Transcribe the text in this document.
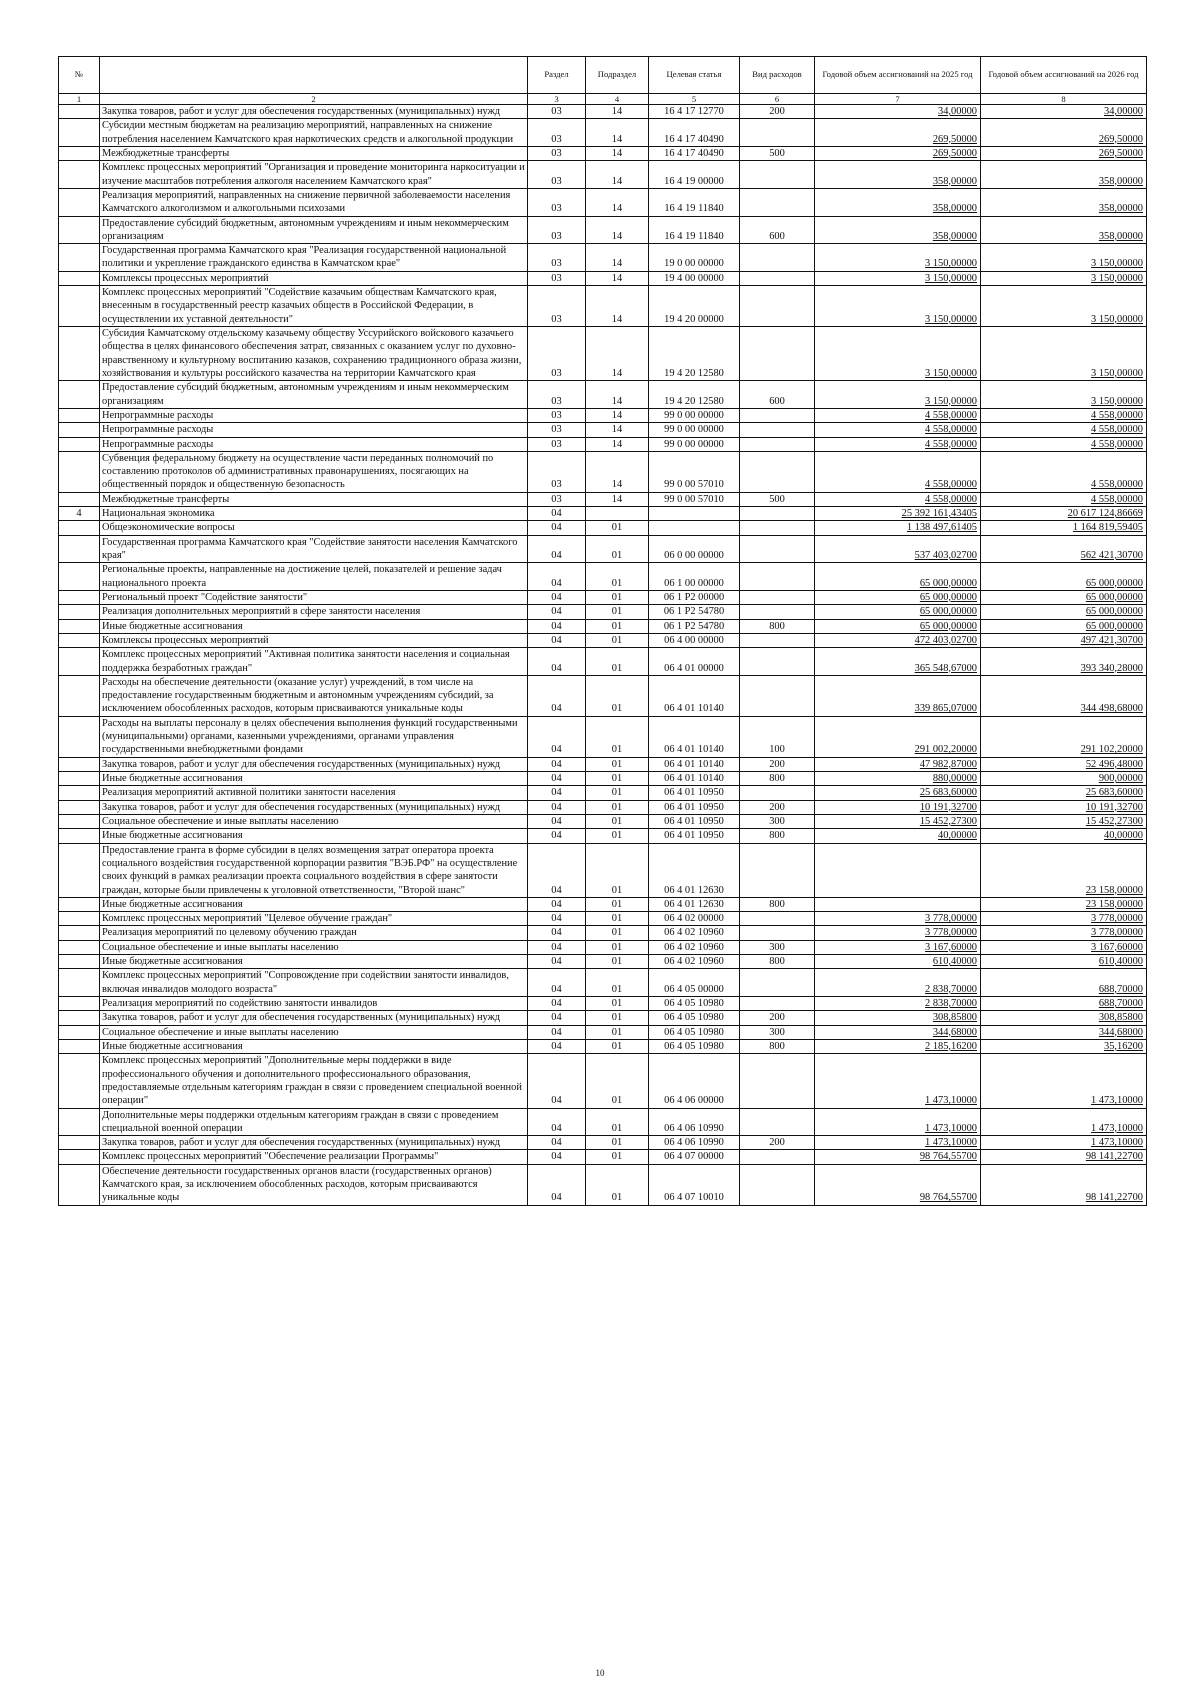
№		Раздел	Подраздел	Целевая статья	Вид расходов	Годовой объем ассигнований на 2025 год	Годовой объем ассигнований на 2026 год
1	2	3	4	5	6	7	8
	Закупка товаров, работ и услуг для обеспечения государственных (муниципальных) нужд	03	14	16 4 17 12770	200	34,00000	34,00000
	Субсидии местным бюджетам на реализацию мероприятий, направленных на снижение потребления населением Камчатского края наркотических средств и алкогольной продукции	03	14	16 4 17 40490		269,50000	269,50000
	Межбюджетные трансферты	03	14	16 4 17 40490	500	269,50000	269,50000
	Комплекс процессных мероприятий "Организация и проведение мониторинга наркоситуации и изучение масштабов потребления алкоголя населением Камчатского края"	03	14	16 4 19 00000		358,00000	358,00000
	Реализация мероприятий, направленных на снижение первичной заболеваемости населения Камчатского алкоголизмом и алкогольными психозами	03	14	16 4 19 11840		358,00000	358,00000
	Предоставление субсидий бюджетным, автономным учреждениям и иным некоммерческим организациям	03	14	16 4 19 11840	600	358,00000	358,00000
	Государственная программа Камчатского края "Реализация государственной национальной политики и укрепление гражданского единства в Камчатском крае"	03	14	19 0 00 00000		3 150,00000	3 150,00000
	Комплексы процессных мероприятий	03	14	19 4 00 00000		3 150,00000	3 150,00000
	Комплекс процессных мероприятий "Содействие казачьим обществам Камчатского края, внесенным в государственный реестр казачьих обществ в Российской Федерации, в осуществлении их уставной деятельности"	03	14	19 4 20 00000		3 150,00000	3 150,00000
	Субсидия Камчатскому отдельскому казачьему обществу Уссурийского войскового казачьего общества в целях финансового обеспечения затрат, связанных с оказанием услуг по духовно-нравственному и культурному воспитанию казаков, сохранению традиционного образа жизни, хозяйствования и культуры российского казачества на территории Камчатского края	03	14	19 4 20 12580		3 150,00000	3 150,00000
	Предоставление субсидий бюджетным, автономным учреждениям и иным некоммерческим организациям	03	14	19 4 20 12580	600	3 150,00000	3 150,00000
	Непрограммные расходы	03	14	99 0 00 00000		4 558,00000	4 558,00000
	Непрограммные расходы	03	14	99 0 00 00000		4 558,00000	4 558,00000
	Непрограммные расходы	03	14	99 0 00 00000		4 558,00000	4 558,00000
	Субвенция федеральному бюджету на осуществление части переданных полномочий по составлению протоколов об административных правонарушениях, посягающих на общественный порядок и общественную безопасность	03	14	99 0 00 57010		4 558,00000	4 558,00000
	Межбюджетные трансферты	03	14	99 0 00 57010	500	4 558,00000	4 558,00000
4	Национальная экономика	04				25 392 161,43405	20 617 124,86669
	Общеэкономические вопросы	04	01			1 138 497,61405	1 164 819,59405
	Государственная программа Камчатского края "Содействие занятости населения Камчатского края"	04	01	06 0 00 00000		537 403,02700	562 421,30700
	Региональные проекты, направленные на достижение целей, показателей и решение задач национального проекта	04	01	06 1 00 00000		65 000,00000	65 000,00000
	Региональный проект "Содействие занятости"	04	01	06 1 P2 00000		65 000,00000	65 000,00000
	Реализация дополнительных мероприятий в сфере занятости населения	04	01	06 1 P2 54780		65 000,00000	65 000,00000
	Иные бюджетные ассигнования	04	01	06 1 P2 54780	800	65 000,00000	65 000,00000
	Комплексы процессных мероприятий	04	01	06 4 00 00000		472 403,02700	497 421,30700
	Комплекс процессных мероприятий "Активная политика занятости населения и социальная поддержка безработных граждан"	04	01	06 4 01 00000		365 548,67000	393 340,28000
	Расходы на обеспечение деятельности (оказание услуг) учреждений, в том числе на предоставление государственным бюджетным и автономным учреждениям субсидий, за исключением обособленных расходов, которым присваиваются уникальные коды	04	01	06 4 01 10140		339 865,07000	344 498,68000
	Расходы на выплаты персоналу в целях обеспечения выполнения функций государственными (муниципальными) органами, казенными учреждениями, органами управления государственными внебюджетными фондами	04	01	06 4 01 10140	100	291 002,20000	291 102,20000
	Закупка товаров, работ и услуг для обеспечения государственных (муниципальных) нужд	04	01	06 4 01 10140	200	47 982,87000	52 496,48000
	Иные бюджетные ассигнования	04	01	06 4 01 10140	800	880,00000	900,00000
	Реализация мероприятий активной политики занятости населения	04	01	06 4 01 10950		25 683,60000	25 683,60000
	Закупка товаров, работ и услуг для обеспечения государственных (муниципальных) нужд	04	01	06 4 01 10950	200	10 191,32700	10 191,32700
	Социальное обеспечение и иные выплаты населению	04	01	06 4 01 10950	300	15 452,27300	15 452,27300
	Иные бюджетные ассигнования	04	01	06 4 01 10950	800	40,00000	40,00000
	Предоставление гранта в форме субсидии в целях возмещения затрат оператора проекта социального воздействия государственной корпорации развития "ВЭБ.РФ" на осуществление своих функций в рамках реализации проекта социального воздействия в сфере занятости граждан, которые были привлечены к уголовной ответственности, "Второй шанс"	04	01	06 4 01 12630			23 158,00000
	Иные бюджетные ассигнования	04	01	06 4 01 12630	800		23 158,00000
	Комплекс процессных мероприятий "Целевое обучение граждан"	04	01	06 4 02 00000		3 778,00000	3 778,00000
	Реализация мероприятий по целевому обучению граждан	04	01	06 4 02 10960		3 778,00000	3 778,00000
	Социальное обеспечение и иные выплаты населению	04	01	06 4 02 10960	300	3 167,60000	3 167,60000
	Иные бюджетные ассигнования	04	01	06 4 02 10960	800	610,40000	610,40000
	Комплекс процессных мероприятий "Сопровождение при содействии занятости инвалидов, включая инвалидов молодого возраста"	04	01	06 4 05 00000		2 838,70000	688,70000
	Реализация мероприятий по содействию занятости инвалидов	04	01	06 4 05 10980		2 838,70000	688,70000
	Закупка товаров, работ и услуг для обеспечения государственных (муниципальных) нужд	04	01	06 4 05 10980	200	308,85800	308,85800
	Социальное обеспечение и иные выплаты населению	04	01	06 4 05 10980	300	344,68000	344,68000
	Иные бюджетные ассигнования	04	01	06 4 05 10980	800	2 185,16200	35,16200
	Комплекс процессных мероприятий "Дополнительные меры поддержки в виде профессионального обучения и дополнительного профессионального образования, предоставляемые отдельным категориям граждан в связи с проведением специальной военной операции"	04	01	06 4 06 00000		1 473,10000	1 473,10000
	Дополнительные меры поддержки отдельным категориям граждан в связи с проведением специальной военной операции	04	01	06 4 06 10990		1 473,10000	1 473,10000
	Закупка товаров, работ и услуг для обеспечения государственных (муниципальных) нужд	04	01	06 4 06 10990	200	1 473,10000	1 473,10000
	Комплекс процессных мероприятий "Обеспечение реализации Программы"	04	01	06 4 07 00000		98 764,55700	98 141,22700
	Обеспечение деятельности государственных органов власти (государственных органов) Камчатского края, за исключением обособленных расходов, которым присваиваются уникальные коды	04	01	06 4 07 10010		98 764,55700	98 141,22700
10
